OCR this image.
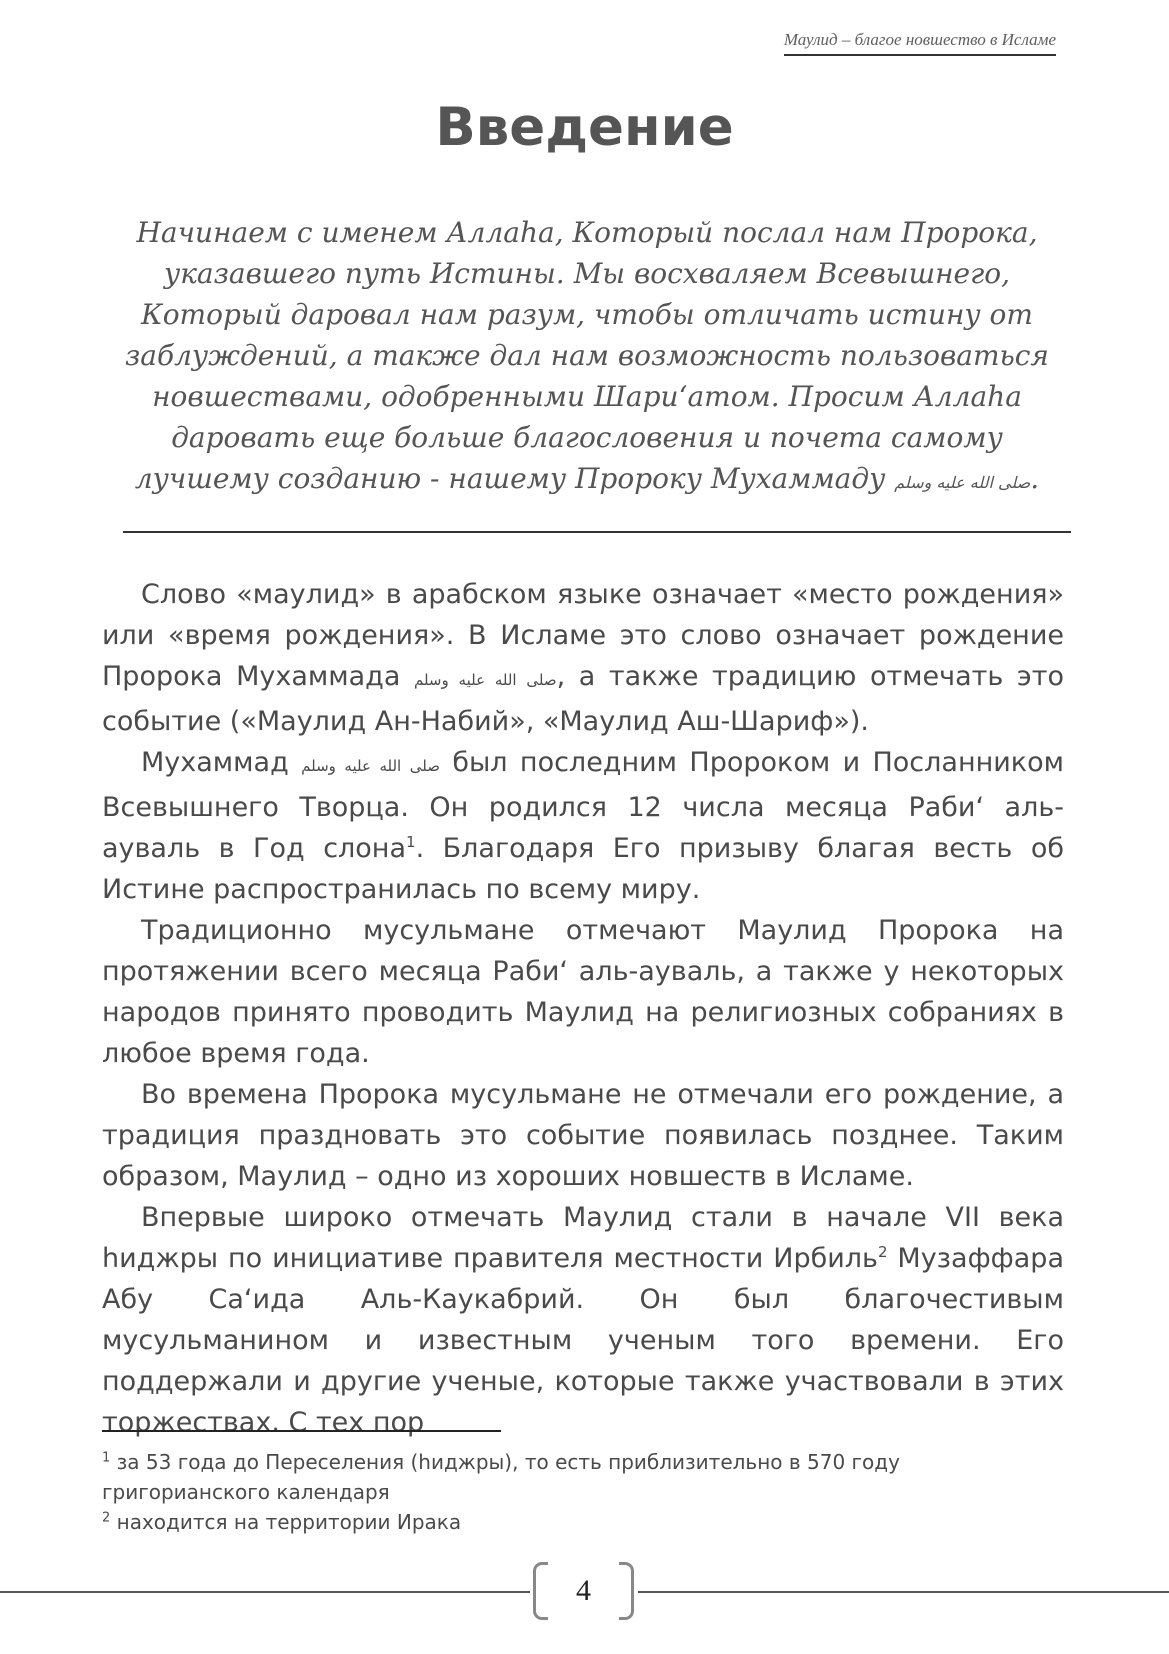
Маулид – благое новшество в Исламе
Введение

Начинаем с именем Аллаhа, Который послал нам Пророка, указавшего путь Истины. Мы восхваляем Всевышнего, Который даровал нам разум, чтобы отличать истину от заблуждений, а также дал нам возможность пользоваться новшествами, одобренными Шари‘атом. Просим Аллаhа даровать еще больше благословения и почета самому лучшему созданию - нашему Пророку Мухаммаду صلى الله عليه وسلم.

Слово «маулид» в арабском языке означает «место рождения» или «время рождения». В Исламе это слово означает рождение Пророка Мухаммада صلى الله عليه وسلم, а также традицию отмечать это событие («Маулид Ан-Набий», «Маулид Аш-Шариф»).

Мухаммад صلى الله عليه وسلم был последним Пророком и Посланником Всевышнего Творца. Он родился 12 числа месяца Раби‘ аль-ауваль в Год слона$^1$. Благодаря Его призыву благая весть об Истине распространилась по всему миру.

Традиционно мусульмане отмечают Маулид Пророка на протяжении всего месяца Раби‘ аль-ауваль, а также у некоторых народов принято проводить Маулид на религиозных собраниях в любое время года.

Во времена Пророка мусульмане не отмечали его рождение, а традиция праздновать это событие появилась позднее. Таким образом, Маулид – одно из хороших новшеств в Исламе.

Впервые широко отмечать Маулид стали в начале VII века hиджры по инициативе правителя местности Ирбиль$^2$ Музаффара Абу Са‘ида Аль-Каукабрий. Он был благочестивым мусульманином и известным ученым того времени. Его поддержали и другие ученые, которые также участвовали в этих торжествах. С тех пор

$^1$ за 53 года до Переселения (hиджры), то есть приблизительно в 570 году григорианского календаря

$^2$ находится на территории Ирака

4
